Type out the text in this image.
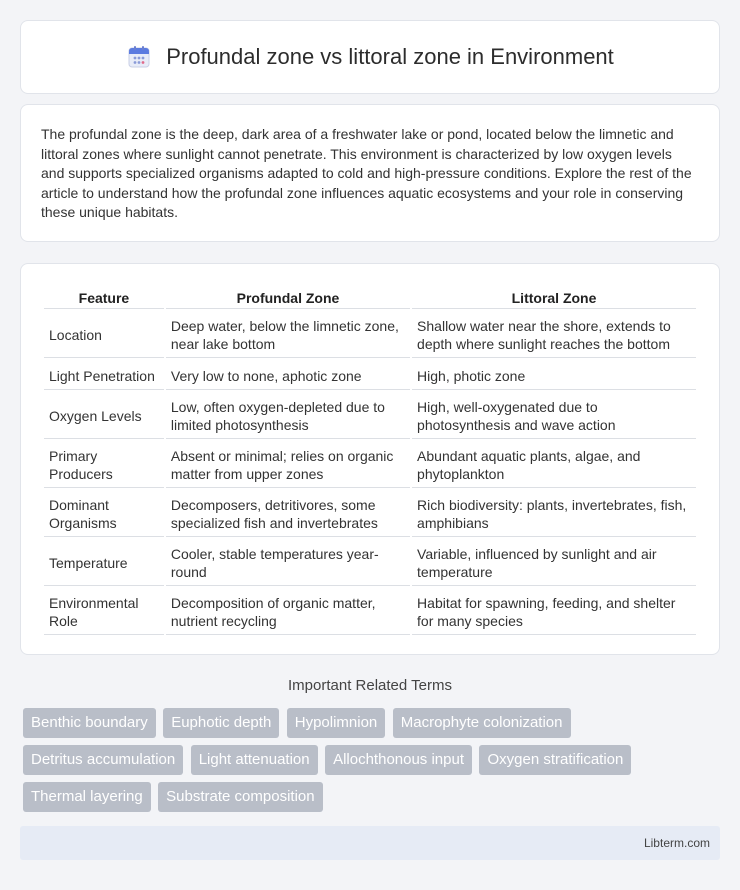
Profundal zone vs littoral zone in Environment

The profundal zone is the deep, dark area of a freshwater lake or pond, located below the limnetic and littoral zones where sunlight cannot penetrate. This environment is characterized by low oxygen levels and supports specialized organisms adapted to cold and high-pressure conditions. Explore the rest of the article to understand how the profundal zone influences aquatic ecosystems and your role in conserving these unique habitats.

Feature	Profundal Zone	Littoral Zone
Location	Deep water, below the limnetic zone, near lake bottom	Shallow water near the shore, extends to depth where sunlight reaches the bottom
Light Penetration	Very low to none, aphotic zone	High, photic zone
Oxygen Levels	Low, often oxygen-depleted due to limited photosynthesis	High, well-oxygenated due to photosynthesis and wave action
Primary Producers	Absent or minimal; relies on organic matter from upper zones	Abundant aquatic plants, algae, and phytoplankton
Dominant Organisms	Decomposers, detritivores, some specialized fish and invertebrates	Rich biodiversity: plants, invertebrates, fish, amphibians
Temperature	Cooler, stable temperatures year-round	Variable, influenced by sunlight and air temperature
Environmental Role	Decomposition of organic matter, nutrient recycling	Habitat for spawning, feeding, and shelter for many species
Important Related Terms
Benthic boundary Euphotic depth Hypolimnion Macrophyte colonization Detritus accumulation Light attenuation Allochthonous input Oxygen stratification Thermal layering Substrate composition
Libterm.com
